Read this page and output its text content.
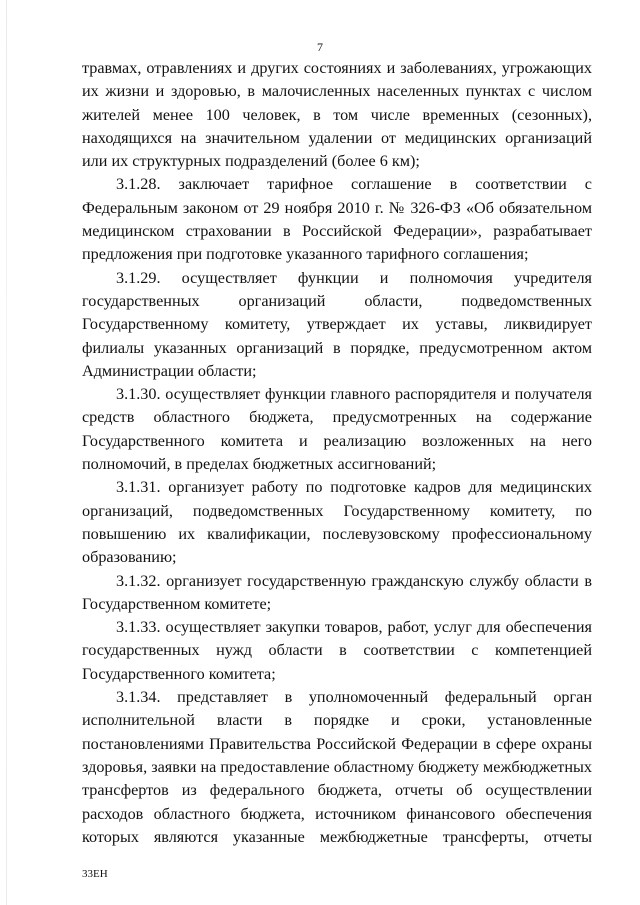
7

травмах, отравлениях и других состояниях и заболеваниях, угрожающих их жизни и здоровью, в малочисленных населенных пунктах с числом жителей менее 100 человек, в том числе временных (сезонных), находящихся на значительном удалении от медицинских организаций или их структурных подразделений (более 6 км);

3.1.28. заключает тарифное соглашение в соответствии с Федеральным законом от 29 ноября 2010 г. № 326-ФЗ «Об обязательном медицинском страховании в Российской Федерации», разрабатывает предложения при подготовке указанного тарифного соглашения;

3.1.29. осуществляет функции и полномочия учредителя государственных организаций области, подведомственных Государственному комитету, утверждает их уставы, ликвидирует филиалы указанных организаций в порядке, предусмотренном актом Администрации области;

3.1.30. осуществляет функции главного распорядителя и получателя средств областного бюджета, предусмотренных на содержание Государственного комитета и реализацию возложенных на него полномочий, в пределах бюджетных ассигнований;

3.1.31. организует работу по подготовке кадров для медицинских организаций, подведомственных Государственному комитету, по повышению их квалификации, послевузовскому профессиональному образованию;

3.1.32. организует государственную гражданскую службу области в Государственном комитете;

3.1.33. осуществляет закупки товаров, работ, услуг для обеспечения государственных нужд области в соответствии с компетенцией Государственного комитета;

3.1.34. представляет в уполномоченный федеральный орган исполнительной власти в порядке и сроки, установленные постановлениями Правительства Российской Федерации в сфере охраны здоровья, заявки на предоставление областному бюджету межбюджетных трансфертов из федерального бюджета, отчеты об осуществлении расходов областного бюджета, источником финансового обеспечения которых являются указанные межбюджетные трансферты, отчеты

33ЕН
